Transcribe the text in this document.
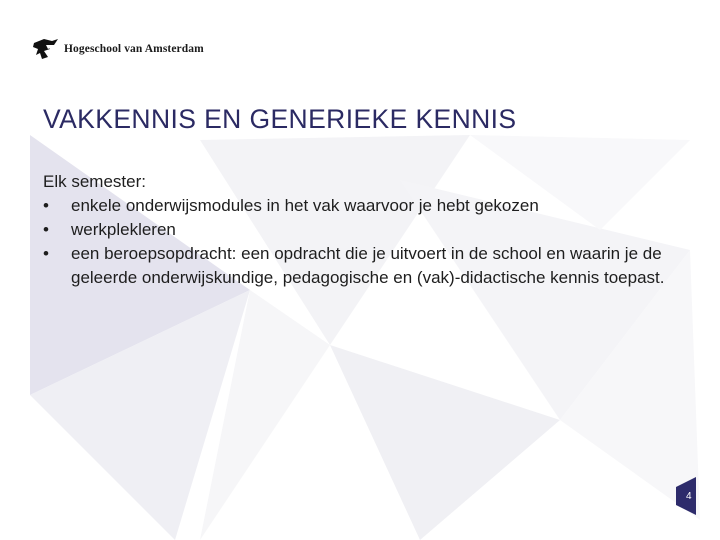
Hogeschool van Amsterdam
VAKKENNIS EN GENERIEKE KENNIS

Elk semester:

• enkele onderwijsmodules in het vak waarvoor je hebt gekozen
• werkplekleren
• een beroepsopdracht: een opdracht die je uitvoert in de school en waarin je de geleerde onderwijskundige, pedagogische en (vak)-didactische kennis toepast.
4
